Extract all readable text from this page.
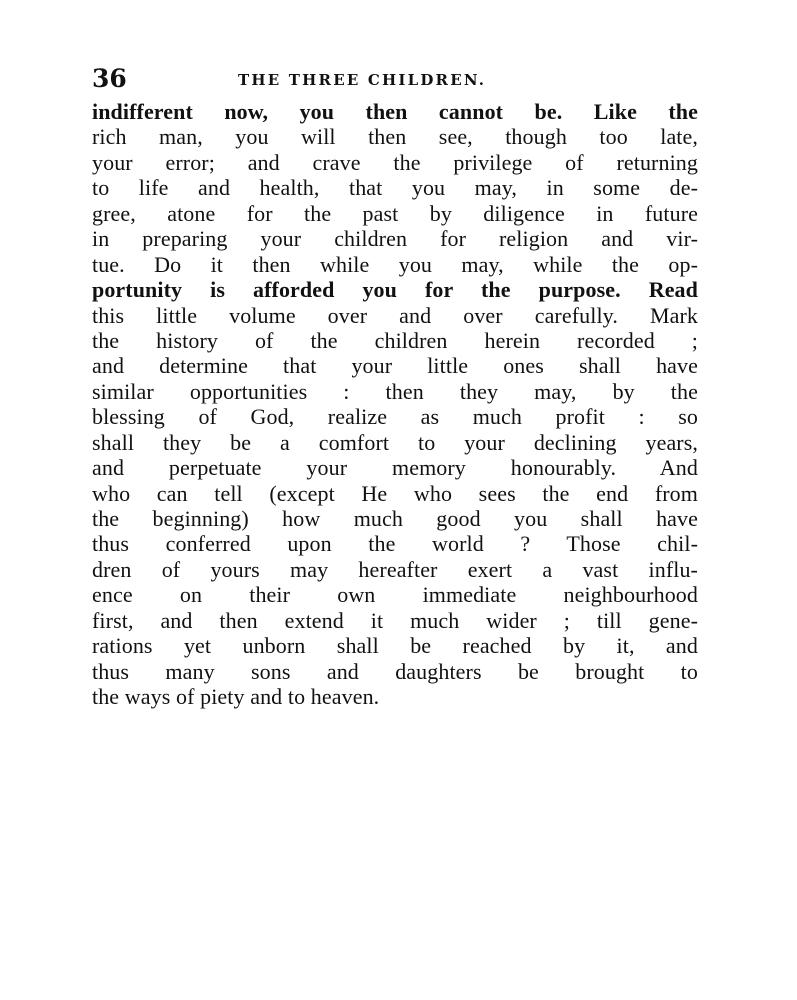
36	THE THREE CHILDREN.
indifferent now, you then cannot be. Like the
rich man, you will then see, though too late,
your error; and crave the privilege of returning
to life and health, that you may, in some de-
gree, atone for the past by diligence in future
in preparing your children for religion and vir-
tue. Do it then while you may, while the op-
portunity is afforded you for the purpose. Read
this little volume over and over carefully. Mark
the history of the children herein recorded ;
and determine that your little ones shall have
similar opportunities : then they may, by the
blessing of God, realize as much profit : so
shall they be a comfort to your declining years,
and perpetuate your memory honourably. And
who can tell (except He who sees the end from
the beginning) how much good you shall have
thus conferred upon the world ? Those chil-
dren of yours may hereafter exert a vast influ-
ence on their own immediate neighbourhood
first, and then extend it much wider ; till gene-
rations yet unborn shall be reached by it, and
thus many sons and daughters be brought to
the ways of piety and to heaven.
